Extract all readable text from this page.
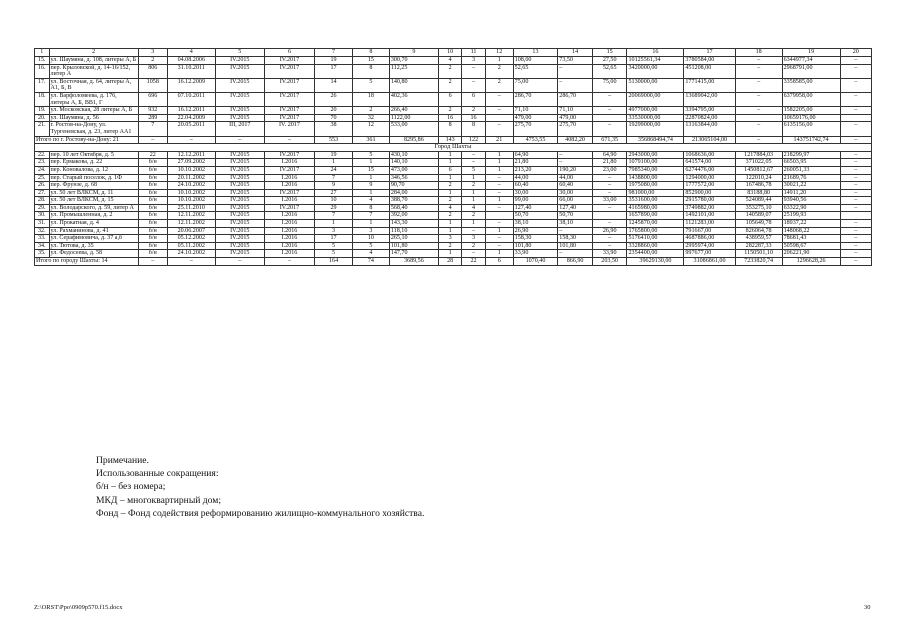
1	2	3	4	5	6	7	8	9	10	11	12	13	14	15	16	17	18	19	20
15.	ул. Шаумяна, д. 108, литеры А, Б	2	04.08.2006	IV.2015	IV.2017	19	15	300,70	4	3	1	108,00	73,50	27,50	10125561,34	3780584,00	–	6344977,34	–
16.	пер. Крыловской, д. 14-16/152, литер А	806	31.10.2011	IV.2015	IV.2017	17	8	112,25	2	–	2	52,65	–	52,65	3420000,00	451208,00	–	2968791,00	–
17.	ул. Восточная, д. 64, литеры А, А1, Б, В	1058	16.12.2009	IV.2015	IV.2017	14	5	140,80	2	–	2	75,00	–	75,00	5130000,00	1771415,00	–	3358585,00	–
18.	ул. Варфоломеева, д. 176, литеры А, Б, ВВ1, Г	696	07.10.2011	IV.2015	IV.2017	26	18	402,36	6	6	–	286,70	286,70	–	20069000,00	13689042,00	–	6379958,00	–
19.	ул. Московская, 28 литеры А, Б	932	16.12.2011	IV.2015	IV.2017	20	2	266,40	2	2	–	71,10	71,10	–	4977000,00	3394795,00	–	1582205,00	–
20.	ул. Шаумяна, д. 56	289	22.04.2009	IV.2015	IV.2017	70	32	1122,00	16	16		479,00	479,00		33530000,00	22870824,00		10659176,00	
21.	г. Ростов-на-Дону, ул. Тургеневская, д. 23, литер АА1	7	20.05.2011	III, 2017	IV. 2017	38	12	533,00	8	8	–	275,70	275,70	–	19299000,00	13163844,00	–	6135156,00	–
Итого по г. Ростову-на-Дону: 21		–	–	–	–	553	361	8295,86	143	122	21	4753,55	4082,20	671,35	356868494,74	213065104,00	–	143751742,74	–
Город Шахты																			
22.	пер. 10 лет Октября, д. 5	22	12.12.2011	IV.2015	IV.2017	19	5	430,10	1	–	1	64,90	–	64,90	2943000,00	1068636,00	1217884,03	218299,97	–
23.	пер. Ермакова, д. 22	б/н	27.09.2002	IV.2015	I.2016	1	1	140,10	1	–	1	21,80	–	21,80	1079100,00	641574,00	371022,05	66503,95	–
24.	пер. Коновалова, д. 12	б/н	10.10.2002	IV.2015	IV.2017	24	15	473,00	6	5	1	213,20	190,20	23,00	7985340,00	6274476,00	1450812,67	260051,33	–
25.	пер. Старый поселок, д. 1Ф	б/н	20.11.2002	IV.2015	I.2016	7	1	346,56	1	1	–	44,00	44,00	–	1438800,00	1294000,00	122010,24	21689,76	–
26.	пер. Фрунзе, д. 68	б/н	24.10.2002	IV.2015	I.2016	9	9	90,70	2	2	–	60,40	60,40	–	1975080,00	1777572,00	167486,78	30021,22	–
27.	ул. 50 лет ВЛКСМ, д. 11	б/н	10.10.2002	IV.2015	IV.2017	27	1	284,00	1	1	–	30,00	30,00	–	981000,00	852900,00	83188,80	14911,20	–
28.	ул. 50 лет ВЛКСМ, д. 15	б/н	10.10.2002	IV.2015	I.2016	10	4	388,70	2	1	1	99,00	66,00	33,00	3531600,00	2915780,00	524089,44	93940,56	–
29.	ул. Володарского, д. 59, литер А	б/н	25.11.2010	IV.2015	IV.2017	29	8	568,40	4	4	–	127,40	127,40	–	4165980,00	3749882,00	353275,10	63322,90	–
30.	ул. Промышленная, д. 2	б/н	12.11.2002	IV.2015	I.2016	7	7	392,00	2	2		50,70	50,70		1657890,00	1492101,00	140589,07	25199,93	
31.	ул. Прокатная, д. 4	б/н	12.11.2002	IV.2015	I.2016	1	1	143,30	1	1	–	38,10	38,10	–	1245870,00	1121283,00	105649,78	18937,22	–
32.	ул. Рахманинова, д. 41	б/н	20.06.2007	IV.2015	I.2016	3	3	118,10	1	–	1	26,90	–	26,90	1765800,00	791667,00	826064,78	148068,22	–
33.	ул. Серафимовича, д. 37 а,б	б/н	05.12.2002	IV.2015	I.2016	17	10	265,10	3	3	–	158,30	158,30	–	5176410,00	4687886,00	438959,57	78681,43	–
34.	ул. Тютова, д. 35	б/н	05.11.2002	IV.2015	I.2016	5	5	101,80	2	2	–	101,80	101,80	–	3328860,00	2995974,00	282287,33	50598,67	–
35.	ул. Федосеева, д. 58	б/н	24.10.2002	IV.2015	I.2016	5	4	147,70	1	–	1	33,90	–	33,90	2354400,00	997677,00	1150501,10	206221,90	–
Итого по городу Шахты: 14		–	–	–	–	164	74	3689,56	28	22	6	1070,40	866,90	203,50	39629130,00	31086861,00	7233820,74	1296628,26	–
Примечание.
Использованные сокращения:
б/н – без номера;
МКД – многоквартирный дом;
Фонд – Фонд содействия реформированию жилищно-коммунального хозяйства.
Z:\ORST\Ppo\0909p570.f15.docx	30
